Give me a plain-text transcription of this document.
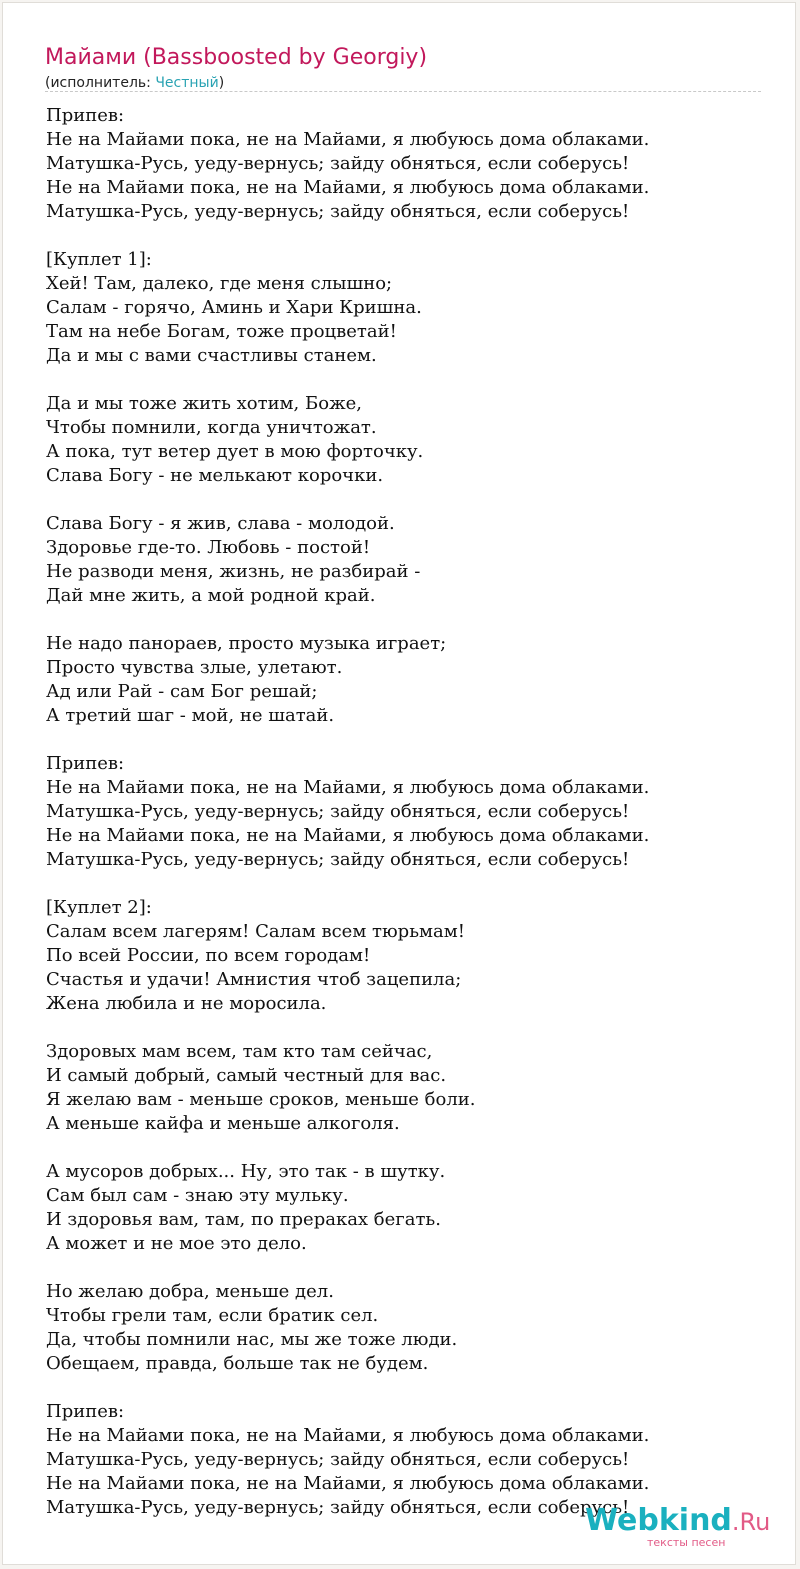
Майами (Bassboosted by Georgiy)
(исполнитель: Честный)
Припев:
Не на Майами пока, не на Майами, я любуюсь дома облаками.
Матушка-Русь, уеду-вернусь; зайду обняться, если соберусь!
Не на Майами пока, не на Майами, я любуюсь дома облаками.
Матушка-Русь, уеду-вернусь; зайду обняться, если соберусь!
[Куплет 1]:
Хей! Там, далеко, где меня слышно;
Салам - горячо, Аминь и Хари Кришна.
Там на небе Богам, тоже процветай!
Да и мы с вами счастливы станем.
Да и мы тоже жить хотим, Боже,
Чтобы помнили, когда уничтожат.
А пока, тут ветер дует в мою форточку.
Слава Богу - не мелькают корочки.
Слава Богу - я жив, слава - молодой.
Здоровье где-то. Любовь - постой!
Не разводи меня, жизнь, не разбирай -
Дай мне жить, а мой родной край.
Не надо панораев, просто музыка играет;
Просто чувства злые, улетают.
Ад или Рай - сам Бог решай;
А третий шаг - мой, не шатай.
Припев:
Не на Майами пока, не на Майами, я любуюсь дома облаками.
Матушка-Русь, уеду-вернусь; зайду обняться, если соберусь!
Не на Майами пока, не на Майами, я любуюсь дома облаками.
Матушка-Русь, уеду-вернусь; зайду обняться, если соберусь!
[Куплет 2]:
Салам всем лагерям! Салам всем тюрьмам!
По всей России, по всем городам!
Счастья и удачи! Амнистия чтоб зацепила;
Жена любила и не моросила.
Здоровых мам всем, там кто там сейчас,
И самый добрый, самый честный для вас.
Я желаю вам - меньше сроков, меньше боли.
А меньше кайфа и меньше алкоголя.
А мусоров добрых... Ну, это так - в шутку.
Сам был сам - знаю эту мульку.
И здоровья вам, там, по прераках бегать.
А может и не мое это дело.
Но желаю добра, меньше дел.
Чтобы грели там, если братик сел.
Да, чтобы помнили нас, мы же тоже люди.
Обещаем, правда, больше так не будем.
Припев:
Не на Майами пока, не на Майами, я любуюсь дома облаками.
Матушка-Русь, уеду-вернусь; зайду обняться, если соберусь!
Не на Майами пока, не на Майами, я любуюсь дома облаками.
Матушка-Русь, уеду-вернусь; зайду обняться, если соберусь!
Webkind.Ru
тексты песен
